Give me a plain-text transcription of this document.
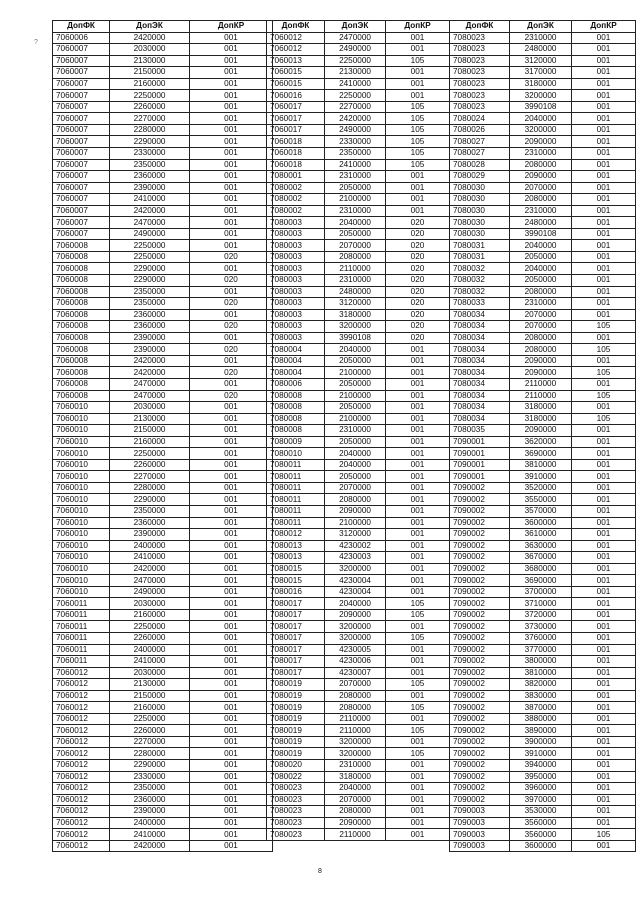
?
ДопФК	ДопЭК	ДопКР
7060006	2420000	001
7060007	2030000	001
7060007	2130000	001
7060007	2150000	001
7060007	2160000	001
7060007	2250000	001
7060007	2260000	001
7060007	2270000	001
7060007	2280000	001
7060007	2290000	001
7060007	2330000	001
7060007	2350000	001
7060007	2360000	001
7060007	2390000	001
7060007	2410000	001
7060007	2420000	001
7060007	2470000	001
7060007	2490000	001
7060008	2250000	001
7060008	2250000	020
7060008	2290000	001
7060008	2290000	020
7060008	2350000	001
7060008	2350000	020
7060008	2360000	001
7060008	2360000	020
7060008	2390000	001
7060008	2390000	020
7060008	2420000	001
7060008	2420000	020
7060008	2470000	001
7060008	2470000	020
7060010	2030000	001
7060010	2130000	001
7060010	2150000	001
7060010	2160000	001
7060010	2250000	001
7060010	2260000	001
7060010	2270000	001
7060010	2280000	001
7060010	2290000	001
7060010	2350000	001
7060010	2360000	001
7060010	2390000	001
7060010	2400000	001
7060010	2410000	001
7060010	2420000	001
7060010	2470000	001
7060010	2490000	001
7060011	2030000	001
7060011	2160000	001
7060011	2250000	001
7060011	2260000	001
7060011	2400000	001
7060011	2410000	001
7060012	2030000	001
7060012	2130000	001
7060012	2150000	001
7060012	2160000	001
7060012	2250000	001
7060012	2260000	001
7060012	2270000	001
7060012	2280000	001
7060012	2290000	001
7060012	2330000	001
7060012	2350000	001
7060012	2360000	001
7060012	2390000	001
7060012	2400000	001
7060012	2410000	001
7060012	2420000	001
ДопФК	ДопЭК	ДопКР
7060012	2470000	001
7060012	2490000	001
7060013	2250000	105
7060015	2130000	001
7060015	2410000	001
7060016	2250000	001
7060017	2270000	105
7060017	2420000	105
7060017	2490000	105
7060018	2330000	105
7060018	2350000	105
7060018	2410000	105
7080001	2310000	001
7080002	2050000	001
7080002	2100000	001
7080002	2310000	001
7080003	2040000	020
7080003	2050000	020
7080003	2070000	020
7080003	2080000	020
7080003	2110000	020
7080003	2310000	020
7080003	2480000	020
7080003	3120000	020
7080003	3180000	020
7080003	3200000	020
7080003	3990108	020
7080004	2040000	001
7080004	2050000	001
7080004	2100000	001
7080006	2050000	001
7080008	2100000	001
7080008	2050000	001
7080008	2100000	001
7080008	2310000	001
7080009	2050000	001
7080010	2040000	001
7080011	2040000	001
7080011	2050000	001
7080011	2070000	001
7080011	2080000	001
7080011	2090000	001
7080011	2100000	001
7080012	3120000	001
7080013	4230002	001
7080013	4230003	001
7080015	3200000	001
7080015	4230004	001
7080016	4230004	001
7080017	2040000	105
7080017	2090000	105
7080017	3200000	001
7080017	3200000	105
7080017	4230005	001
7080017	4230006	001
7080017	4230007	001
7080019	2070000	105
7080019	2080000	001
7080019	2080000	105
7080019	2110000	001
7080019	2110000	105
7080019	3200000	001
7080019	3200000	105
7080020	2310000	001
7080022	3180000	001
7080023	2040000	001
7080023	2070000	001
7080023	2080000	001
7080023	2090000	001
7080023	2110000	001
ДопФК	ДопЭК	ДопКР
7080023	2310000	001
7080023	2480000	001
7080023	3120000	001
7080023	3170000	001
7080023	3180000	001
7080023	3200000	001
7080023	3990108	001
7080024	2040000	001
7080026	3200000	001
7080027	2090000	001
7080027	2310000	001
7080028	2080000	001
7080029	2090000	001
7080030	2070000	001
7080030	2080000	001
7080030	2310000	001
7080030	2480000	001
7080030	3990108	001
7080031	2040000	001
7080031	2050000	001
7080032	2040000	001
7080032	2050000	001
7080032	2080000	001
7080033	2310000	001
7080034	2070000	001
7080034	2070000	105
7080034	2080000	001
7080034	2080000	105
7080034	2090000	001
7080034	2090000	105
7080034	2110000	001
7080034	2110000	105
7080034	3180000	001
7080034	3180000	105
7080035	2090000	001
7090001	3620000	001
7090001	3690000	001
7090001	3810000	001
7090001	3910000	001
7090002	3520000	001
7090002	3550000	001
7090002	3570000	001
7090002	3600000	001
7090002	3610000	001
7090002	3630000	001
7090002	3670000	001
7090002	3680000	001
7090002	3690000	001
7090002	3700000	001
7090002	3710000	001
7090002	3720000	001
7090002	3730000	001
7090002	3760000	001
7090002	3770000	001
7090002	3800000	001
7090002	3810000	001
7090002	3820000	001
7090002	3830000	001
7090002	3870000	001
7090002	3880000	001
7090002	3890000	001
7090002	3900000	001
7090002	3910000	001
7090002	3940000	001
7090002	3950000	001
7090002	3960000	001
7090002	3970000	001
7090003	3530000	001
7090003	3560000	001
7090003	3560000	105
7090003	3600000	001
8
